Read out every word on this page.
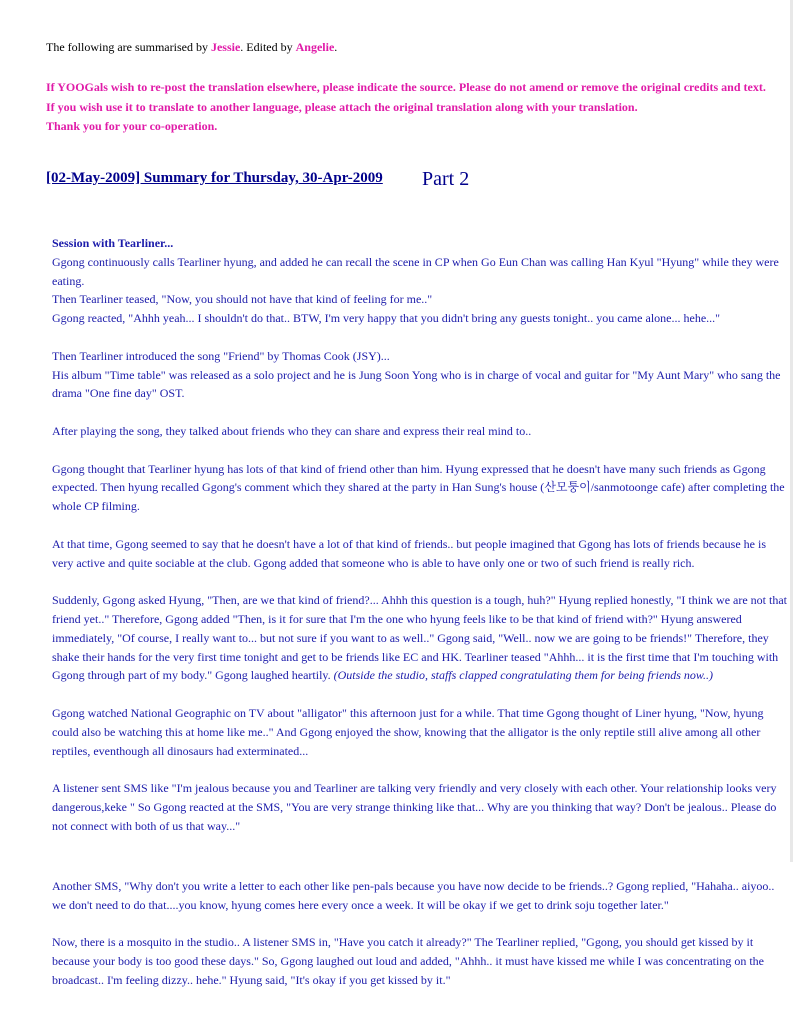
The following are summarised by Jessie. Edited by Angelie.
If YOOGals wish to re-post the translation elsewhere, please indicate the source. Please do not amend or remove the original credits and text.
If you wish use it to translate to another language, please attach the original translation along with your translation.
Thank you for your co-operation.
[02-May-2009] Summary for Thursday, 30-Apr-2009 Part 2

Session with Tearliner...
Ggong continuously calls Tearliner hyung, and added he can recall the scene in CP when Go Eun Chan was calling Han Kyul "Hyung" while they were eating.
Then Tearliner teased, "Now, you should not have that kind of feeling for me.."
Ggong reacted, "Ahhh yeah... I shouldn't do that.. BTW, I'm very happy that you didn't bring any guests tonight.. you came alone... hehe..."

Then Tearliner introduced the song "Friend" by Thomas Cook (JSY)...
His album "Time table" was released as a solo project and he is Jung Soon Yong who is in charge of vocal and guitar for "My Aunt Mary" who sang the drama "One fine day" OST.

After playing the song, they talked about friends who they can share and express their real mind to..

Ggong thought that Tearliner hyung has lots of that kind of friend other than him. Hyung expressed that he doesn't have many such friends as Ggong expected. Then hyung recalled Ggong's comment which they shared at the party in Han Sung's house (산모퉁이/sanmotoonge cafe) after completing the whole CP filming.

At that time, Ggong seemed to say that he doesn't have a lot of that kind of friends.. but people imagined that Ggong has lots of friends because he is very active and quite sociable at the club. Ggong added that someone who is able to have only one or two of such friend is really rich.

Suddenly, Ggong asked Hyung, "Then, are we that kind of friend?... Ahhh this question is a tough, huh?" Hyung replied honestly, "I think we are not that friend yet.." Therefore, Ggong added "Then, is it for sure that I'm the one who hyung feels like to be that kind of friend with?" Hyung answered immediately, "Of course, I really want to... but not sure if you want to as well.." Ggong said, "Well.. now we are going to be friends!" Therefore, they shake their hands for the very first time tonight and get to be friends like EC and HK. Tearliner teased "Ahhh... it is the first time that I'm touching with Ggong through part of my body." Ggong laughed heartily. (Outside the studio, staffs clapped congratulating them for being friends now..)

Ggong watched National Geographic on TV about "alligator" this afternoon just for a while. That time Ggong thought of Liner hyung, "Now, hyung could also be watching this at home like me.." And Ggong enjoyed the show, knowing that the alligator is the only reptile still alive among all other reptiles, eventhough all dinosaurs had exterminated...

A listener sent SMS like "I'm jealous because you and Tearliner are talking very friendly and very closely with each other. Your relationship looks very dangerous,keke " So Ggong reacted at the SMS, "You are very strange thinking like that... Why are you thinking that way? Don't be jealous.. Please do not connect with both of us that way..."

Another SMS, "Why don't you write a letter to each other like pen-pals because you have now decide to be friends..? Ggong replied, "Hahaha.. aiyoo.. we don't need to do that....you know, hyung comes here every once a week. It will be okay if we get to drink soju together later."

Now, there is a mosquito in the studio.. A listener SMS in, "Have you catch it already?" The Tearliner replied, "Ggong, you should get kissed by it because your body is too good these days." So, Ggong laughed out loud and added, "Ahhh.. it must have kissed me while I was concentrating on the broadcast.. I'm feeling dizzy.. hehe." Hyung said, "It's okay if you get kissed by it."
